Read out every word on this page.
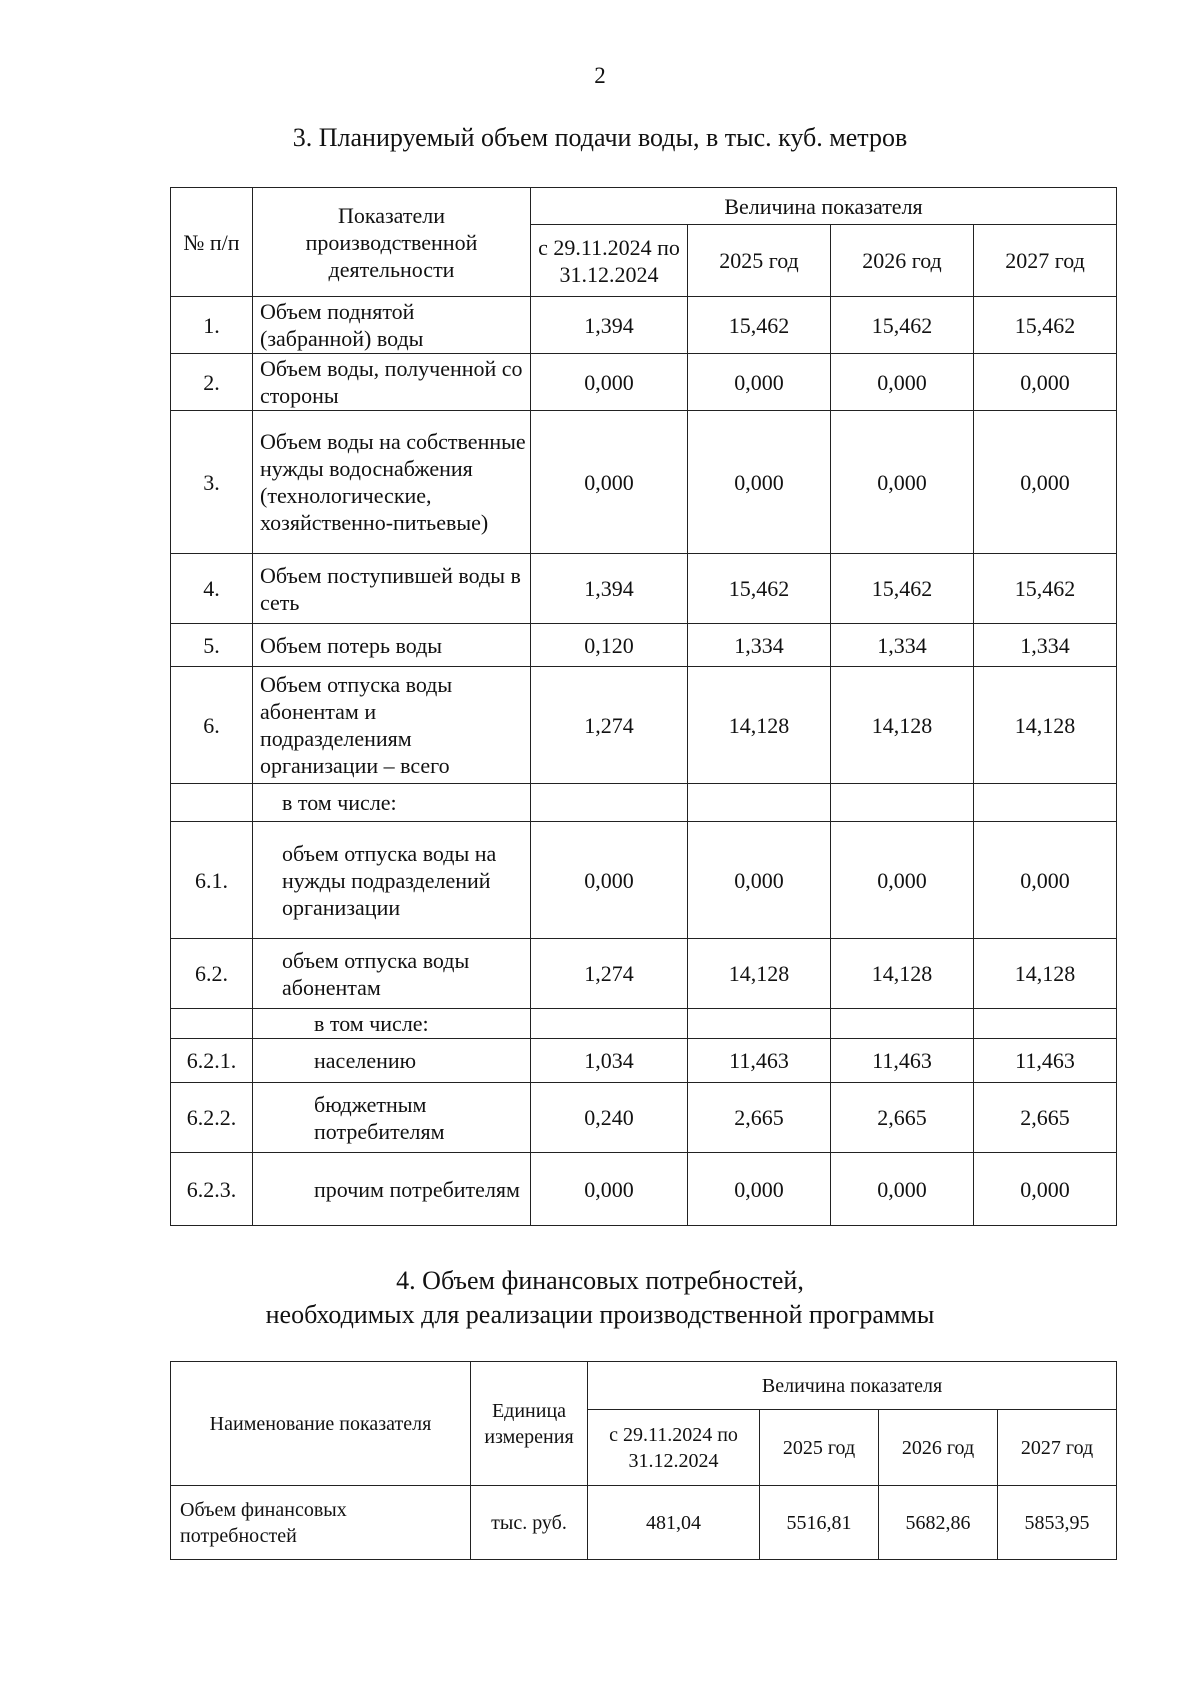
2
3. Планируемый объем подачи воды, в тыс. куб. метров
№ п/п	Показатели производственной деятельности	Величина показателя			
		с 29.11.2024 по 31.12.2024	2025 год	2026 год	2027 год
1.	Объем поднятой (забранной) воды	1,394	15,462	15,462	15,462
2.	Объем воды, полученной со стороны	0,000	0,000	0,000	0,000
3.	Объем воды на собственные нужды водоснабжения (технологические, хозяйственно-питьевые)	0,000	0,000	0,000	0,000
4.	Объем поступившей воды в сеть	1,394	15,462	15,462	15,462
5.	Объем потерь воды	0,120	1,334	1,334	1,334
6.	Объем отпуска воды абонентам и подразделениям организации – всего	1,274	14,128	14,128	14,128
	в том числе:				
6.1.	объем отпуска воды на нужды подразделений организации	0,000	0,000	0,000	0,000
6.2.	объем отпуска воды абонентам	1,274	14,128	14,128	14,128
	в том числе:				
6.2.1.	населению	1,034	11,463	11,463	11,463
6.2.2.	бюджетным потребителям	0,240	2,665	2,665	2,665
6.2.3.	прочим потребителям	0,000	0,000	0,000	0,000
4. Объем финансовых потребностей,
необходимых для реализации производственной программы
Наименование показателя	Единица измерения	Величина показателя			
		с 29.11.2024 по 31.12.2024	2025 год	2026 год	2027 год
Объем финансовых потребностей	тыс. руб.	481,04	5516,81	5682,86	5853,95
